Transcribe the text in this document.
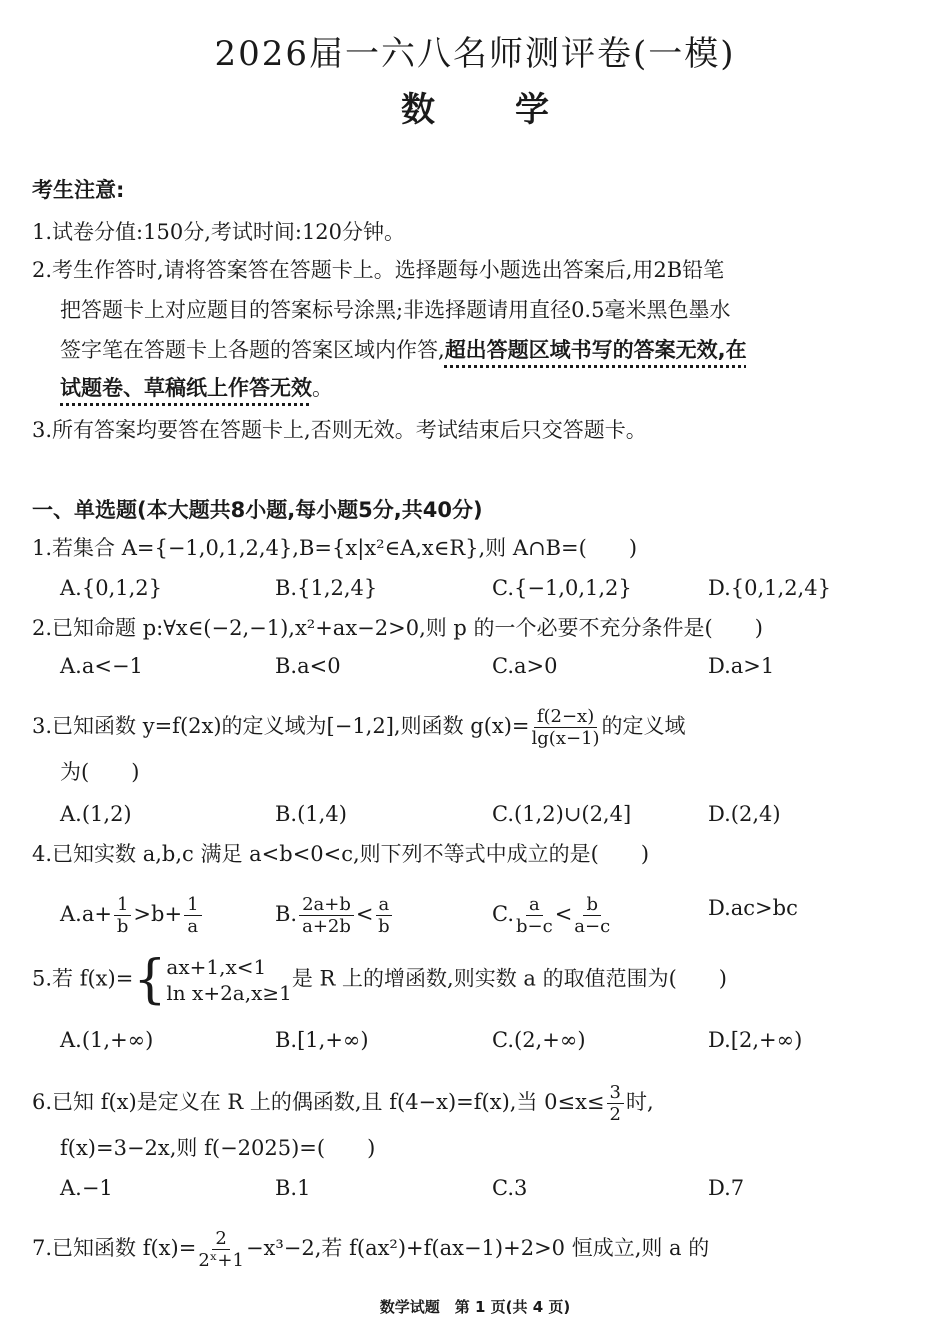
2026届一六八名师测评卷(一模)
数 学
考生注意:
1.试卷分值:150分,考试时间:120分钟。
2.考生作答时,请将答案答在答题卡上。选择题每小题选出答案后,用2B铅笔
把答题卡上对应题目的答案标号涂黑;非选择题请用直径0.5毫米黑色墨水
签字笔在答题卡上各题的答案区域内作答,超出答题区域书写的答案无效,在
试题卷、草稿纸上作答无效。
3.所有答案均要答在答题卡上,否则无效。考试结束后只交答题卡。
一、单选题(本大题共8小题,每小题5分,共40分)
1.若集合 A={−1,0,1,2,4},B={x|x²∈A,x∈R},则 A∩B=(　　)
A.{0,1,2}	B.{1,2,4}	C.{−1,0,1,2}	D.{0,1,2,4}
2.已知命题 p:∀x∈(−2,−1),x²+ax−2>0,则 p 的一个必要不充分条件是(　　)
A.a<−1	B.a<0	C.a>0	D.a>1
3.已知函数 y=f(2x)的定义域为[−1,2],则函数 $g(x)= \frac{f(2-x)}{\lg(x-1)}$ 的定义域
为(　　)
A.(1,2)	B.(1,4)	C.(1,2)∪(2,4]	D.(2,4)
4.已知实数 a,b,c 满足 a<b<0<c,则下列不等式中成立的是(　　)
$A.a+ \frac{1}{b} >b+ \frac{1}{a}$	B. $\frac{2a+b}{a+2b} < \frac{a}{b}$	C. $\frac{a}{b-c} < \frac{b}{a-c}$	D.ac>bc
5.若 f(x)= { ax+1,x<1
ln x+2a,x≥1
是 R 上的增函数,则实数 a 的取值范围为(　　)
A.(1,+∞)	B.[1,+∞)	C.(2,+∞)	D.[2,+∞)
6.已知 f(x)是定义在 R 上的偶函数,且 f(4−x)=f(x),当 $0\le x\le \frac{3}{2}$ 时,
f(x)=3−2x,则 f(−2025)=(　　)
A.−1	B.1	C.3	D.7
7.已知函数 $f(x)= \frac{2}{\text{2ˣ+1}} -x^3-2$,若 f(ax²)+f(ax−1)+2>0 恒成立,则 a 的
数学试题　第 1 页(共 4 页)
